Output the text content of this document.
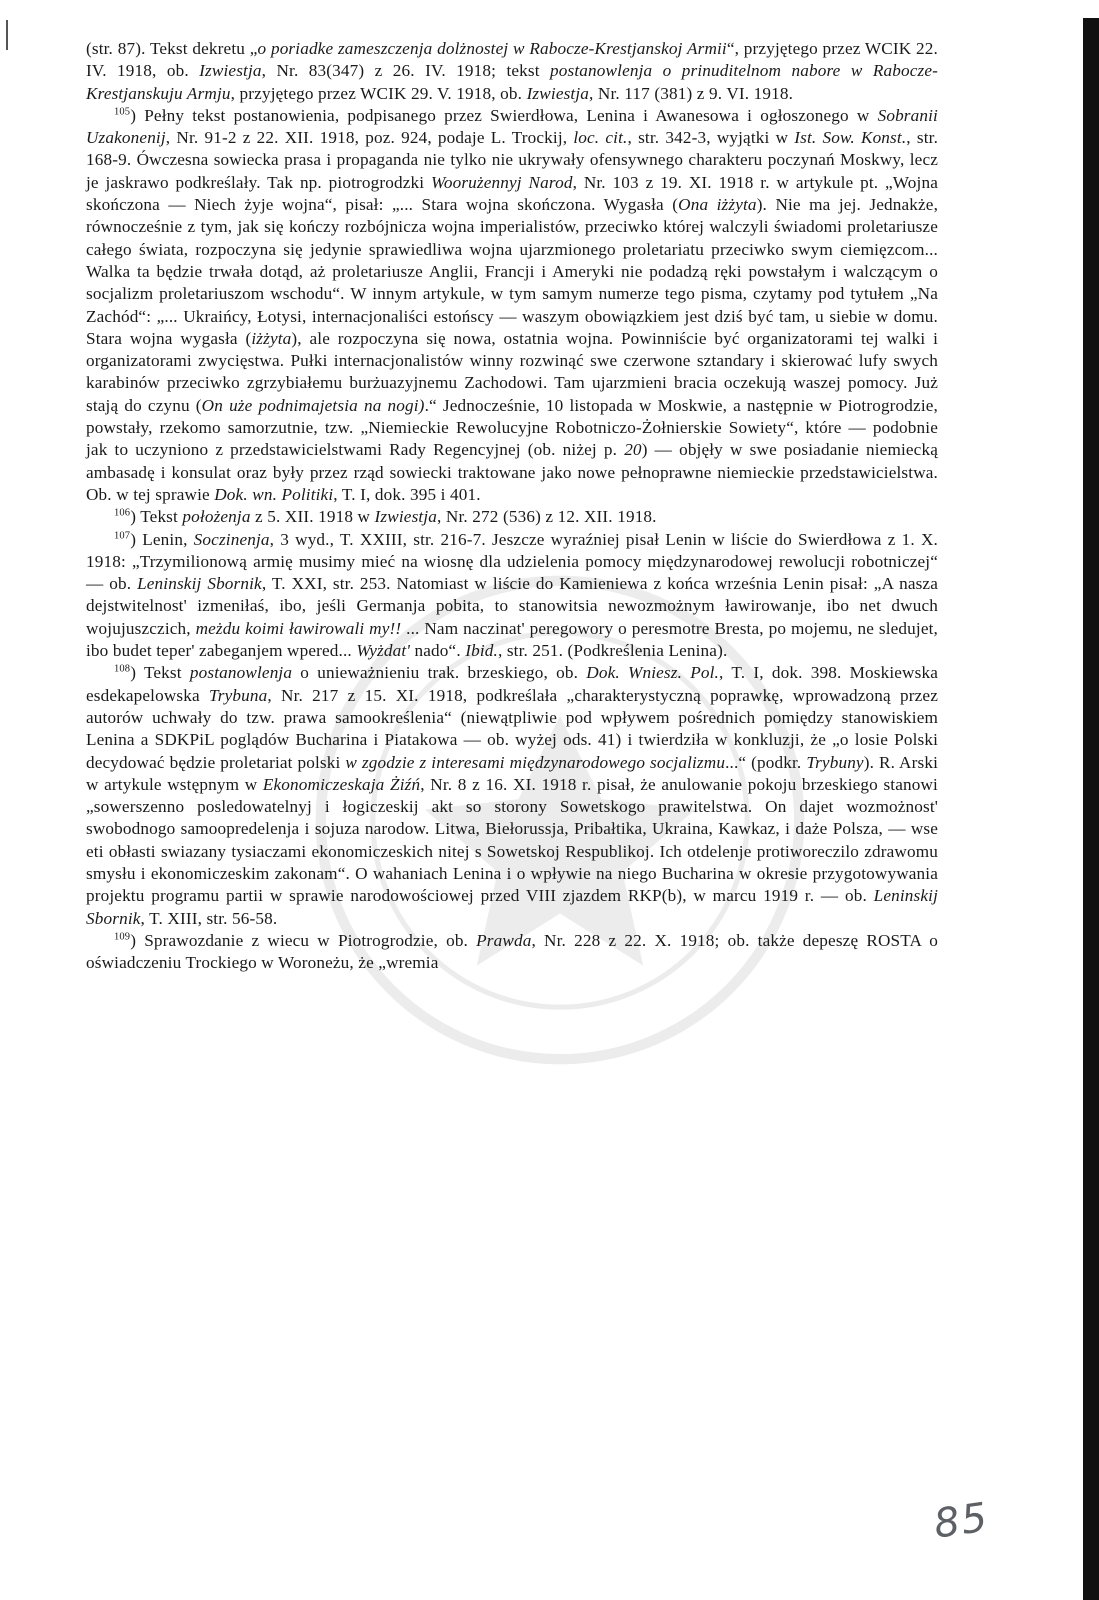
(str. 87). Tekst dekretu „o poriadke zameszczenja dolżnostej w Rabocze-Krestjanskoj Armii“, przyjętego przez WCIK 22. IV. 1918, ob. Izwiestja, Nr. 83(347) z 26. IV. 1918; tekst postanowlenja o prinuditelnom nabore w Rabocze-Krestjanskuju Armju, przyjętego przez WCIK 29. V. 1918, ob. Izwiestja, Nr. 117 (381) z 9. VI. 1918.

$^{105}$) Pełny tekst postanowienia, podpisanego przez Swierdłowa, Lenina i Awanesowa i ogłoszonego w Sobranii Uzakonenij, Nr. 91-2 z 22. XII. 1918, poz. 924, podaje L. Trockij, loc. cit., str. 342-3, wyjątki w Ist. Sow. Konst., str. 168-9. Ówczesna sowiecka prasa i propaganda nie tylko nie ukrywały ofensywnego charakteru poczynań Moskwy, lecz je jaskrawo podkreślały. Tak np. piotrogrodzki Woorużennyj Narod, Nr. 103 z 19. XI. 1918 r. w artykule pt. „Wojna skończona — Niech żyje wojna“, pisał: „... Stara wojna skończona. Wygasła (Ona iżżyta). Nie ma jej. Jednakże, równocześnie z tym, jak się kończy rozbójnicza wojna imperialistów, przeciwko której walczyli świadomi proletariusze całego świata, rozpoczyna się jedynie sprawiedliwa wojna ujarzmionego proletariatu przeciwko swym ciemięzcom... Walka ta będzie trwała dotąd, aż proletariusze Anglii, Francji i Ameryki nie podadzą ręki powstałym i walczącym o socjalizm proletariuszom wschodu“. W innym artykule, w tym samym numerze tego pisma, czytamy pod tytułem „Na Zachód“: „... Ukraińcy, Łotysi, internacjonaliści estońscy — waszym obowiązkiem jest dziś być tam, u siebie w domu. Stara wojna wygasła (iżżyta), ale rozpoczyna się nowa, ostatnia wojna. Powinniście być organizatorami tej walki i organizatorami zwycięstwa. Pułki internacjonalistów winny rozwinąć swe czerwone sztandary i skierować lufy swych karabinów przeciwko zgrzybiałemu burżuazyjnemu Zachodowi. Tam ujarzmieni bracia oczekują waszej pomocy. Już stają do czynu (On uże podnimajetsia na nogi).“ Jednocześnie, 10 listopada w Moskwie, a następnie w Piotrogrodzie, powstały, rzekomo samorzutnie, tzw. „Niemieckie Rewolucyjne Robotniczo-Żołnierskie Sowiety“, które — podobnie jak to uczyniono z przedstawicielstwami Rady Regencyjnej (ob. niżej p. 20) — objęły w swe posiadanie niemiecką ambasadę i konsulat oraz były przez rząd sowiecki traktowane jako nowe pełnoprawne niemieckie przedstawicielstwa. Ob. w tej sprawie Dok. wn. Politiki, T. I, dok. 395 i 401.

$^{106}$) Tekst położenja z 5. XII. 1918 w Izwiestja, Nr. 272 (536) z 12. XII. 1918.

$^{107}$) Lenin, Soczinenja, 3 wyd., T. XXIII, str. 216-7. Jeszcze wyraźniej pisał Lenin w liście do Swierdłowa z 1. X. 1918: „Trzymilionową armię musimy mieć na wiosnę dla udzielenia pomocy międzynarodowej rewolucji robotniczej“ — ob. Leninskij Sbornik, T. XXI, str. 253. Natomiast w liście do Kamieniewa z końca września Lenin pisał: „A nasza dejstwitelnost' izmeniłaś, ibo, jeśli Germanja pobita, to stanowitsia newozmożnym ławirowanje, ibo net dwuch wojujuszczich, meżdu koimi ławirowali my!! ... Nam naczinat' peregowory o peresmotre Bresta, po mojemu, ne sledujet, ibo budet teper' zabeganjem wpered... Wyżdat' nado“. Ibid., str. 251. (Podkreślenia Lenina).

$^{108}$) Tekst postanowlenja o unieważnieniu trak. brzeskiego, ob. Dok. Wniesz. Pol., T. I, dok. 398. Moskiewska esdekapelowska Trybuna, Nr. 217 z 15. XI. 1918, podkreślała „charakterystyczną poprawkę, wprowadzoną przez autorów uchwały do tzw. prawa samookreślenia“ (niewątpliwie pod wpływem pośrednich pomiędzy stanowiskiem Lenina a SDKPiL poglądów Bucharina i Piatakowa — ob. wyżej ods. 41) i twierdziła w konkluzji, że „o losie Polski decydować będzie proletariat polski w zgodzie z interesami międzynarodowego socjalizmu...“ (podkr. Trybuny). R. Arski w artykule wstępnym w Ekonomiczeskaja Żiźń, Nr. 8 z 16. XI. 1918 r. pisał, że anulowanie pokoju brzeskiego stanowi „sowerszenno posledowatelnyj i łogiczeskij akt so storony Sowetskogo prawitelstwa. On dajet wozmożnost' swobodnogo samoopredelenja i sojuza narodow. Litwa, Biełorussja, Pribałtika, Ukraina, Kawkaz, i daże Polsza, — wse eti obłasti swiazany tysiaczami ekonomiczeskich nitej s Sowetskoj Respublikoj. Ich otdelenje protiworeczilo zdrawomu smysłu i ekonomiczeskim zakonam“. O wahaniach Lenina i o wpływie na niego Bucharina w okresie przygotowywania projektu programu partii w sprawie narodowościowej przed VIII zjazdem RKP(b), w marcu 1919 r. — ob. Leninskij Sbornik, T. XIII, str. 56-58.

$^{109}$) Sprawozdanie z wiecu w Piotrogrodzie, ob. Prawda, Nr. 228 z 22. X. 1918; ob. także depeszę ROSTA o oświadczeniu Trockiego w Woroneżu, że „wremia

85
